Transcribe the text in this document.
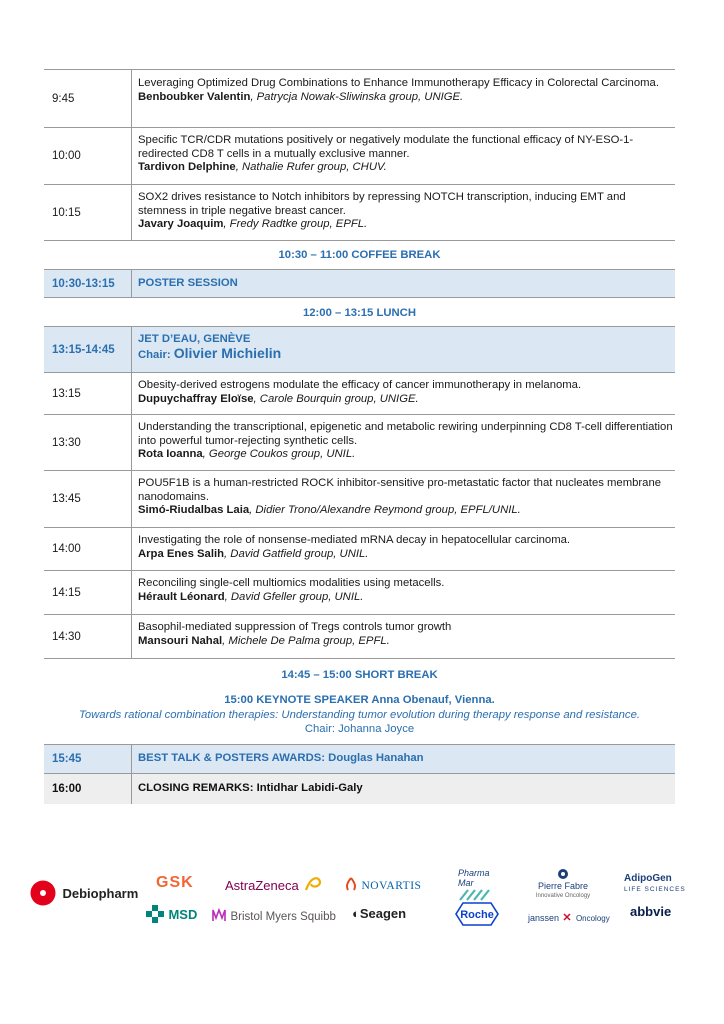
9:45
Leveraging Optimized Drug Combinations to Enhance Immunotherapy Efficacy in Colorectal Carcinoma.
Benboubker Valentin, Patrycja Nowak-Sliwinska group, UNIGE.
10:00
Specific TCR/CDR mutations positively or negatively modulate the functional efficacy of NY-ESO-1-redirected CD8 T cells in a mutually exclusive manner.
Tardivon Delphine, Nathalie Rufer group, CHUV.
10:15
SOX2 drives resistance to Notch inhibitors by repressing NOTCH transcription, inducing EMT and stemness in triple negative breast cancer.
Javary Joaquim, Fredy Radtke group, EPFL.
10:30 – 11:00 COFFEE BREAK
10:30-13:15	POSTER SESSION
12:00 – 13:15 LUNCH
13:15-14:45
JET D’EAU, GENÈVE
Chair: Olivier Michielin
13:15
Obesity-derived estrogens modulate the efficacy of cancer immunotherapy in melanoma.
Dupuychaffray Eloïse, Carole Bourquin group, UNIGE.
13:30
Understanding the transcriptional, epigenetic and metabolic rewiring underpinning CD8 T-cell differentiation into powerful tumor-rejecting synthetic cells.
Rota Ioanna, George Coukos group, UNIL.
13:45
POU5F1B is a human-restricted ROCK inhibitor-sensitive pro-metastatic factor that nucleates membrane nanodomains.
Simó-Riudalbas Laia, Didier Trono/Alexandre Reymond group, EPFL/UNIL.
14:00
Investigating the role of nonsense-mediated mRNA decay in hepatocellular carcinoma.
Arpa Enes Salih, David Gatfield group, UNIL.
14:15
Reconciling single-cell multiomics modalities using metacells.
Hérault Léonard, David Gfeller group, UNIL.
14:30
Basophil-mediated suppression of Tregs controls tumor growth
Mansouri Nahal, Michele De Palma group, EPFL.
14:45 – 15:00 SHORT BREAK
15:00 KEYNOTE SPEAKER Anna Obenauf, Vienna.
Towards rational combination therapies: Understanding tumor evolution during therapy response and resistance.
Chair: Johanna Joyce
15:45	BEST TALK & POSTERS AWARDS: Douglas Hanahan
16:00	CLOSING REMARKS: Intidhar Labidi-Galy
Debiopharm
GSK AstraZeneca	NOVARTIS
Pharma
Mar	Pierre Fabre
Innovative Oncology
AdipoGen
LIFE SCIENCES
MSD	Bristol Myers Squibb ◐Seagen	Roche	janssen Oncology abbvie
